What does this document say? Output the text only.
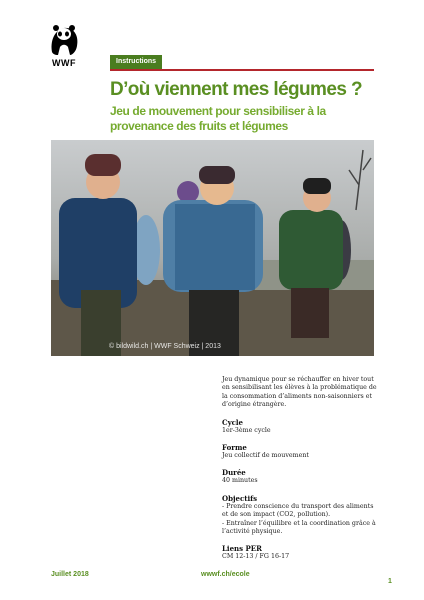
WWF	Instructions
D’où viennent mes légumes ?
Jeu de mouvement pour sensibiliser à la provenance des fruits et légumes
© bildwild.ch | WWF Schweiz | 2013

Jeu dynamique pour se réchauffer en hiver tout en sensibilisant les élèves à la problématique de la consommation d’aliments non-saisonniers et d’origine étrangère.

Cycle

1er-3ème cycle

Forme

Jeu collectif de mouvement

Durée

40 minutes

Objectifs

- Prendre conscience du transport des aliments et de son impact (CO2, pollution).

- Entraîner l’équilibre et la coordination grâce à l’activité physique.

Liens PER

CM 12-13 / FG 16-17

Juillet 2018	wwwf.ch/ecole
1
